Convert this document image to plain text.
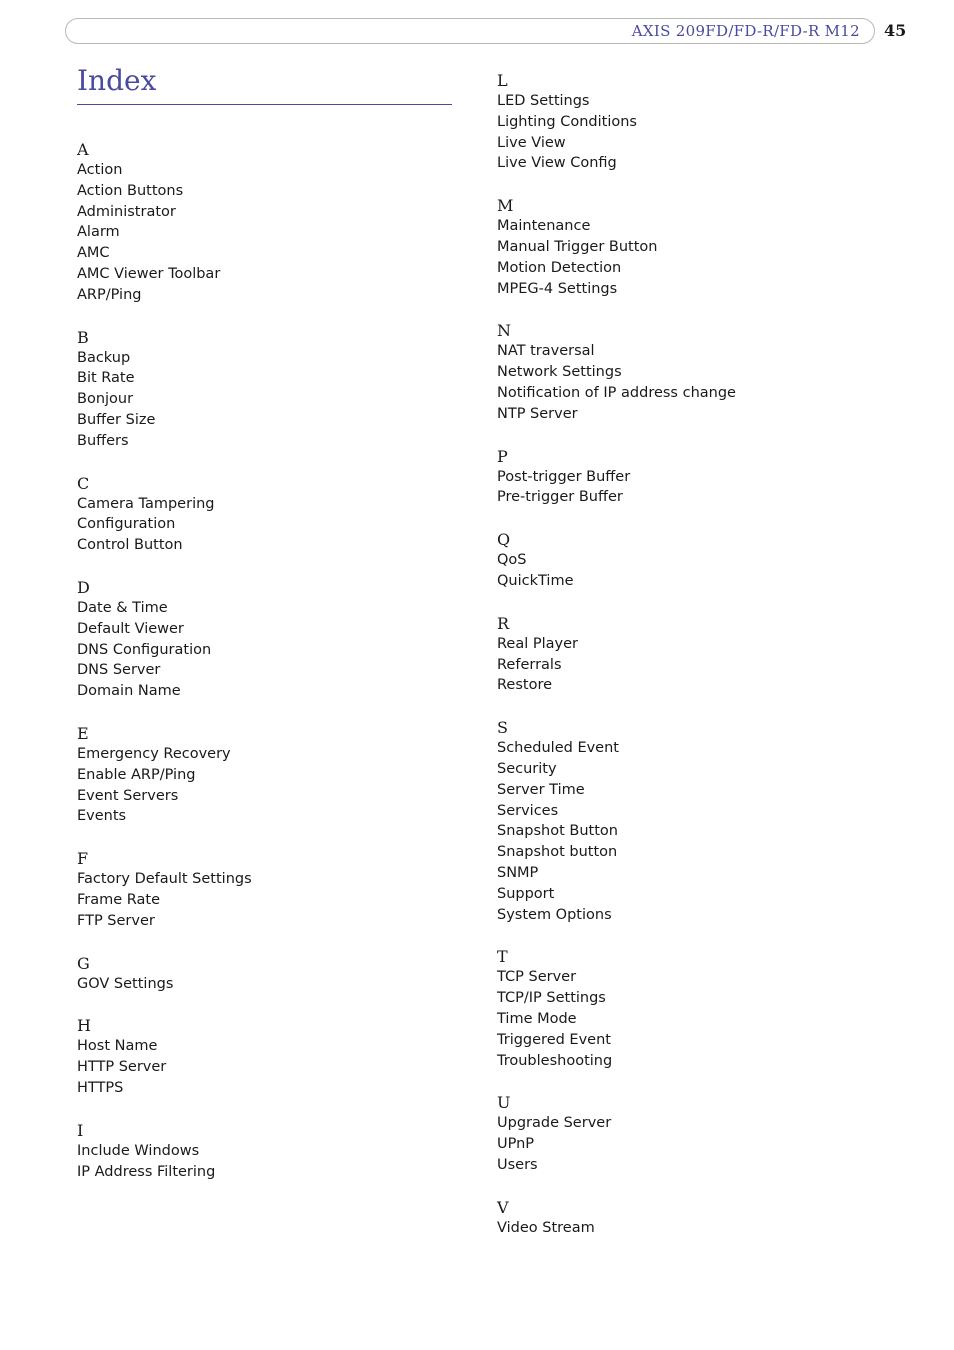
AXIS 209FD/FD-R/FD-R M12 45
Index
A
Action
Action Buttons
Administrator
Alarm
AMC
AMC Viewer Toolbar
ARP/Ping
B
Backup
Bit Rate
Bonjour
Buffer Size
Buffers
C
Camera Tampering
Configuration
Control Button
D
Date & Time
Default Viewer
DNS Configuration
DNS Server
Domain Name
E
Emergency Recovery
Enable ARP/Ping
Event Servers
Events
F
Factory Default Settings
Frame Rate
FTP Server
G
GOV Settings
H
Host Name
HTTP Server
HTTPS
I
Include Windows
IP Address Filtering
L
LED Settings
Lighting Conditions
Live View
Live View Config
M
Maintenance
Manual Trigger Button
Motion Detection
MPEG-4 Settings
N
NAT traversal
Network Settings
Notification of IP address change
NTP Server
P
Post-trigger Buffer
Pre-trigger Buffer
Q
QoS
QuickTime
R
Real Player
Referrals
Restore
S
Scheduled Event
Security
Server Time
Services
Snapshot Button
Snapshot button
SNMP
Support
System Options
T
TCP Server
TCP/IP Settings
Time Mode
Triggered Event
Troubleshooting
U
Upgrade Server
UPnP
Users
V
Video Stream
